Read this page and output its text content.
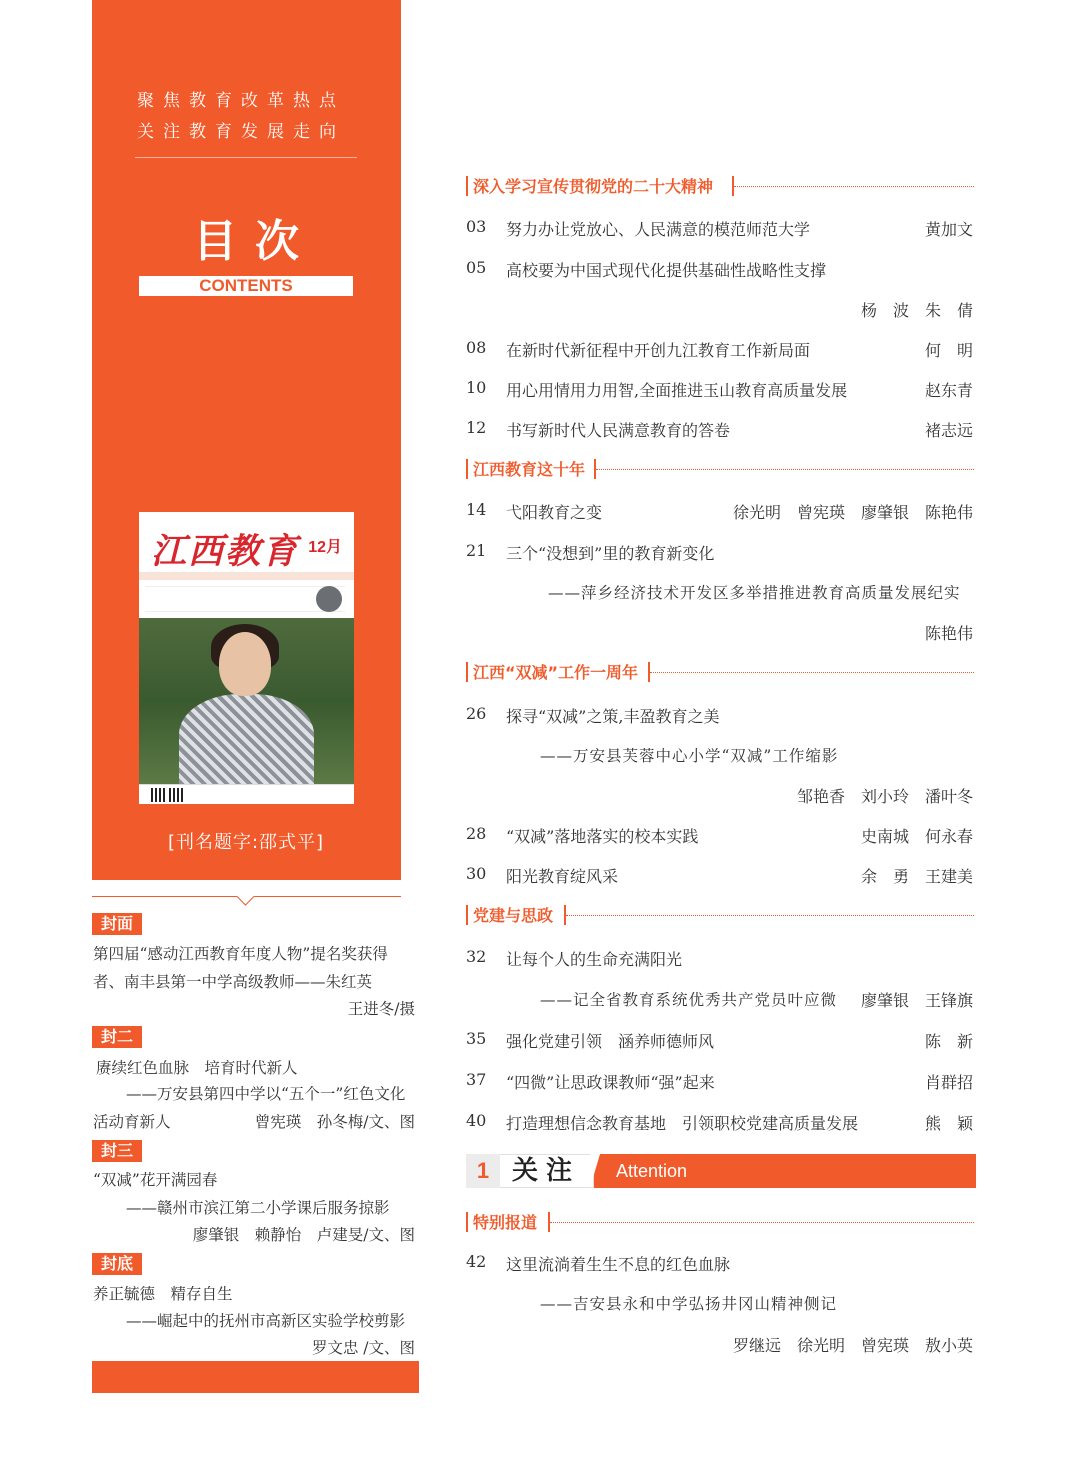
聚焦教育改革热点
关注教育发展走向
目次
CONTENTS
江西教育 12月
[刊名题字:邵式平]
封面
第四届“感动江西教育年度人物”提名奖获得
者、南丰县第一中学高级教师——朱红英
王进冬/摄
封二
赓续红色血脉　培育时代新人
——万安县第四中学以“五个一”红色文化
活动育新人	曾宪瑛　孙冬梅/文、图
封三
“双减”花开满园春
——赣州市滨江第二小学课后服务掠影
廖肇银　赖静怡　卢建旻/文、图
封底
养正毓德　精存自生
——崛起中的抚州市高新区实验学校剪影
罗文忠 /文、图
深入学习宣传贯彻党的二十大精神
03 努力办让党放心、人民满意的模范师范大学	黄加文
05 高校要为中国式现代化提供基础性战略性支撑
杨　波　朱　倩
08 在新时代新征程中开创九江教育工作新局面	何　明
10 用心用情用力用智,全面推进玉山教育高质量发展	赵东青
12 书写新时代人民满意教育的答卷	褚志远
江西教育这十年
14 弋阳教育之变	徐光明　曾宪瑛　廖肇银　陈艳伟
21 三个“没想到”里的教育新变化
——萍乡经济技术开发区多举措推进教育高质量发展纪实
陈艳伟
江西“双减”工作一周年
26 探寻“双减”之策,丰盈教育之美
——万安县芙蓉中心小学“双减”工作缩影
邹艳香　刘小玲　潘叶冬
28 “双减”落地落实的校本实践	史南城　何永春
30 阳光教育绽风采	余　勇　王建美
党建与思政
32 让每个人的生命充满阳光
——记全省教育系统优秀共产党员叶应微 廖肇银　王锋旗
35 强化党建引领　涵养师德师风	陈　新
37 “四微”让思政课教师“强”起来	肖群招
40 打造理想信念教育基地　引领职校党建高质量发展	熊　颖
1 关注 Attention
特别报道
42 这里流淌着生生不息的红色血脉
——吉安县永和中学弘扬井冈山精神侧记
罗继远　徐光明　曾宪瑛　敖小英
